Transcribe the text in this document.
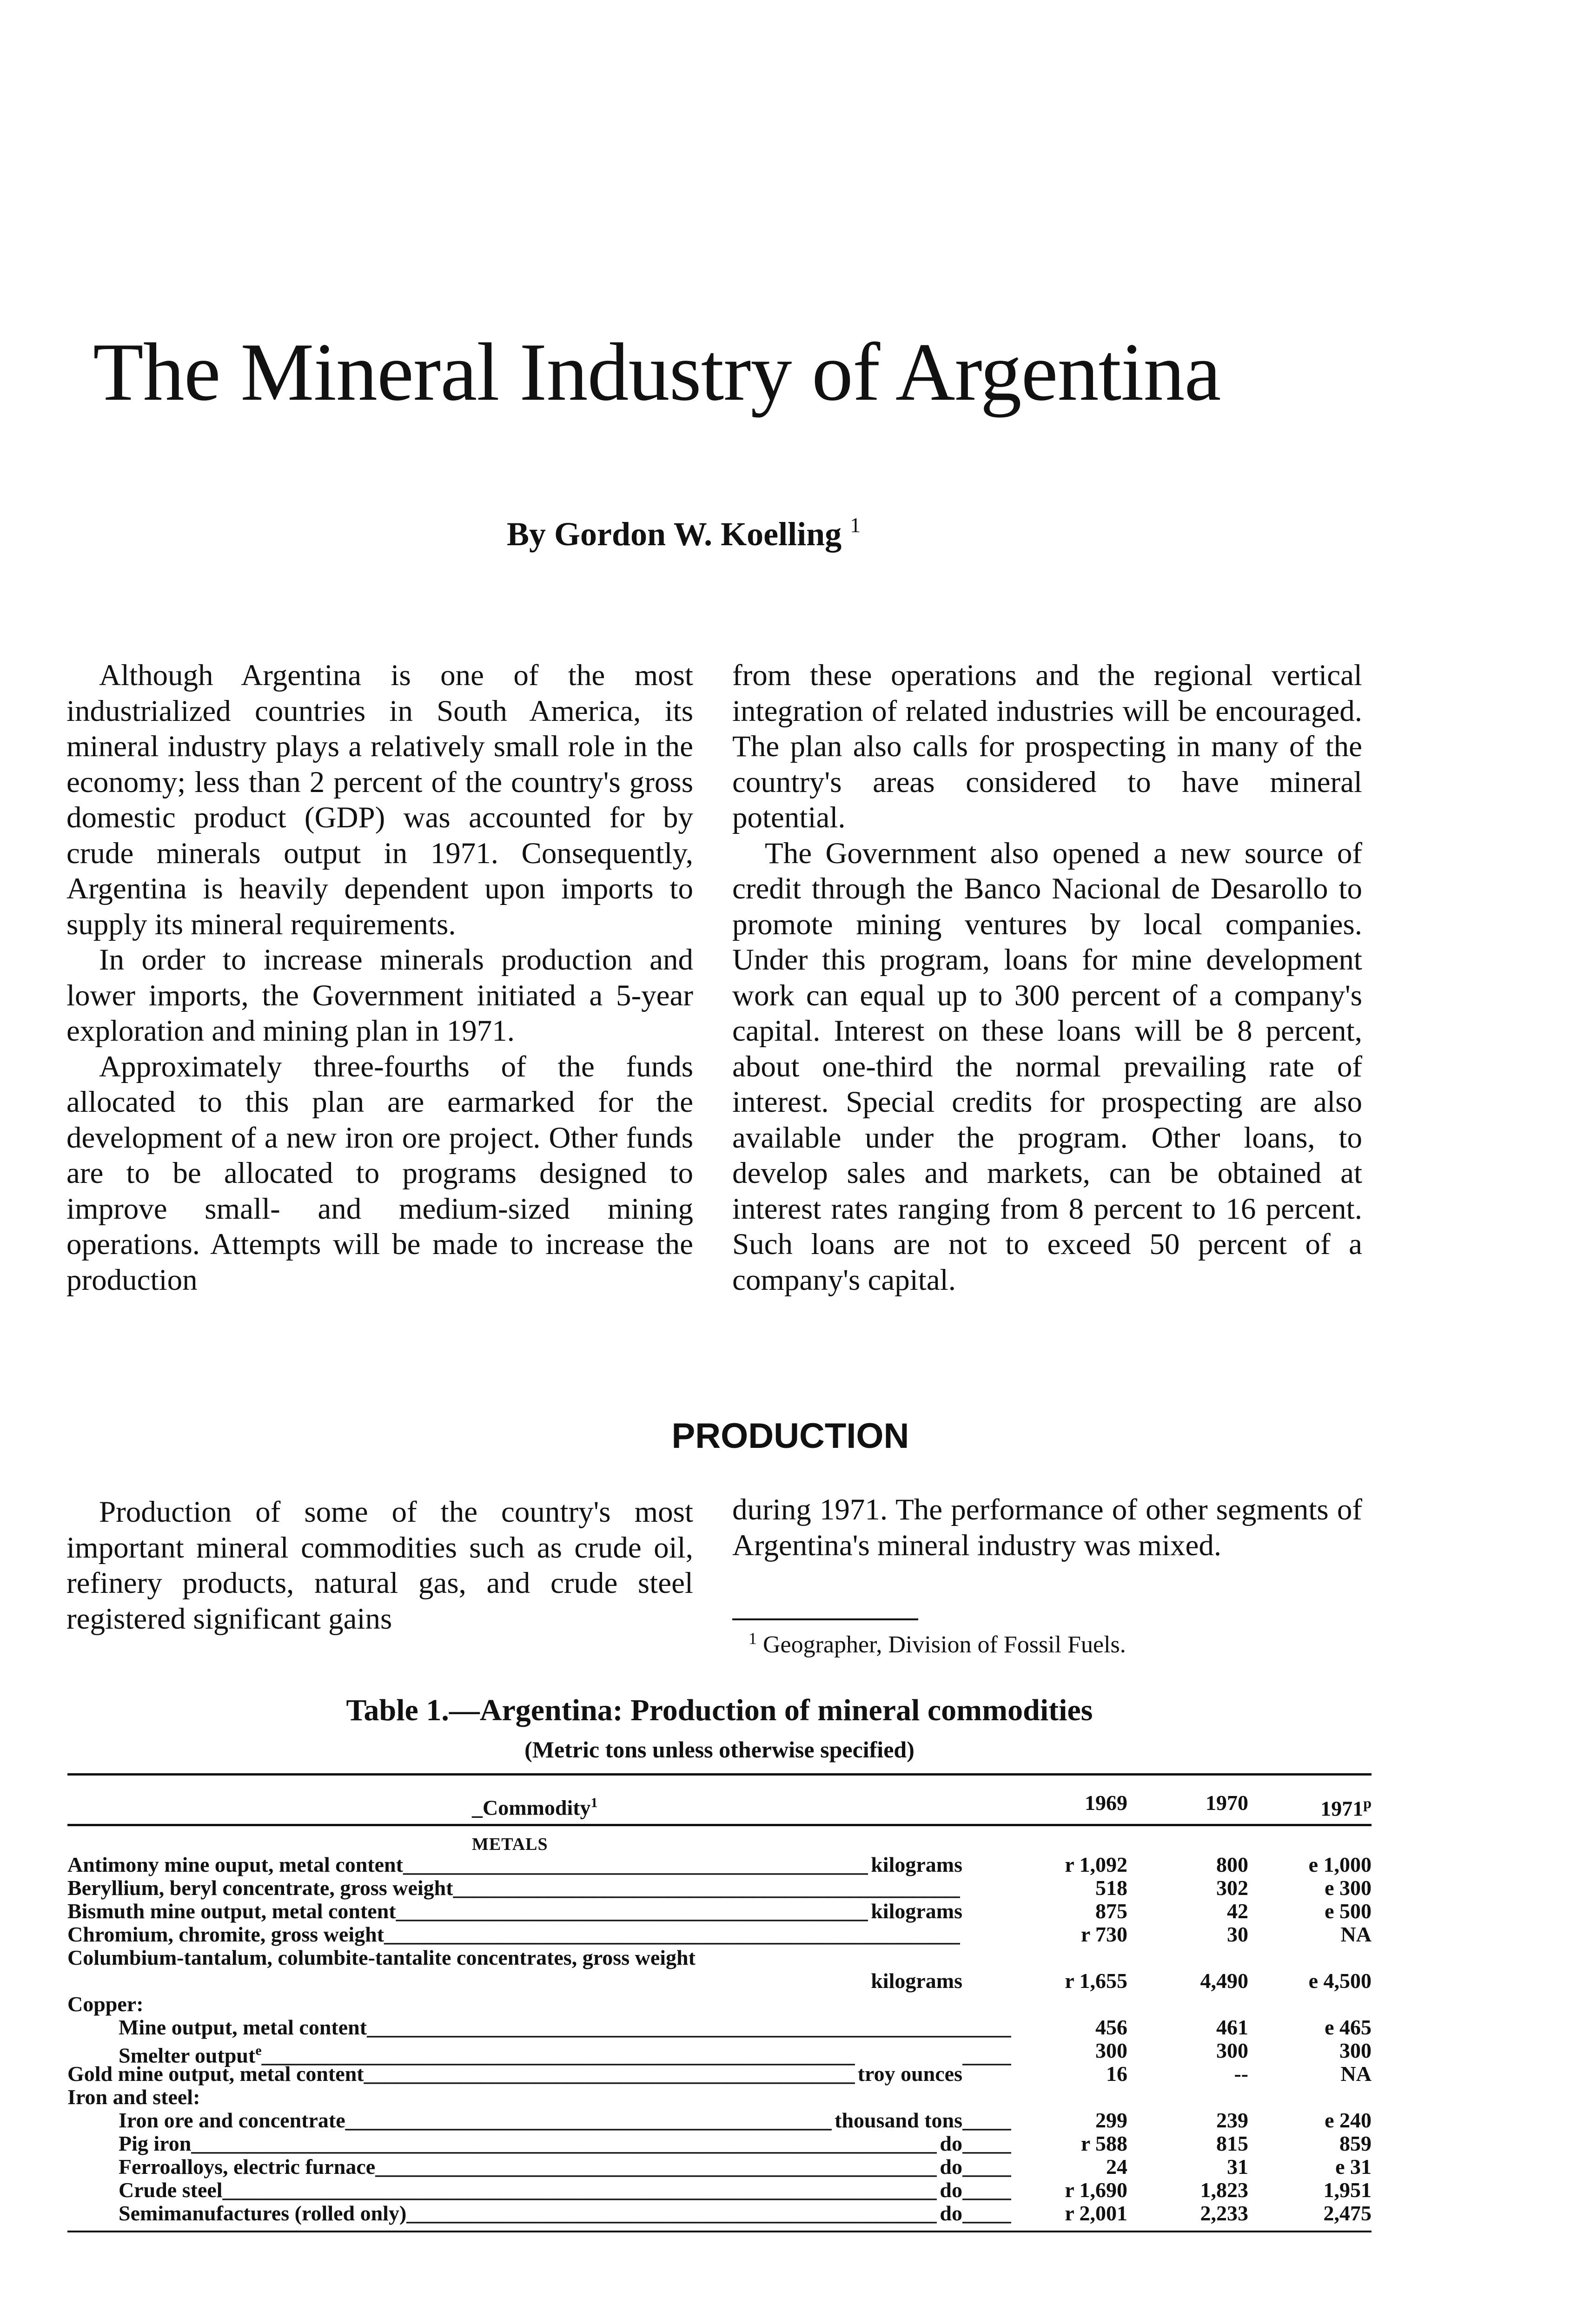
The Mineral Industry of Argentina
By Gordon W. Koelling $^1$

Although Argentina is one of the most industrialized countries in South America, its mineral industry plays a relatively small role in the economy; less than 2 percent of the country's gross domestic product (GDP) was accounted for by crude minerals output in 1971. Consequently, Argentina is heavily dependent upon imports to supply its mineral requirements.

In order to increase minerals production and lower imports, the Government initiated a 5-year exploration and mining plan in 1971.

Approximately three-fourths of the funds allocated to this plan are earmarked for the development of a new iron ore project. Other funds are to be allocated to programs designed to improve small- and medium-sized mining operations. Attempts will be made to increase the production

from these operations and the regional vertical integration of related industries will be encouraged. The plan also calls for prospecting in many of the country's areas considered to have mineral potential.

The Government also opened a new source of credit through the Banco Nacional de Desarollo to promote mining ventures by local companies. Under this program, loans for mine development work can equal up to 300 percent of a company's capital. Interest on these loans will be 8 percent, about one-third the normal prevailing rate of interest. Special credits for prospecting are also available under the program. Other loans, to develop sales and markets, can be obtained at interest rates ranging from 8 percent to 16 percent. Such loans are not to exceed 50 percent of a company's capital.

PRODUCTION

Production of some of the country's most important mineral commodities such as crude oil, refinery products, natural gas, and crude steel registered significant gains

during 1971. The performance of other segments of Argentina's mineral industry was mixed.

$^1$ Geographer, Division of Fossil Fuels.
Table 1.—Argentina: Production of mineral commodities
(Metric tons unless otherwise specified)
_Commodity$^1$	1969	1970	1971$^p$
METALS
Antimony mine ouput, metal content _____	kilograms	r 1,092	800	e 1,000
Beryllium, beryl concentrate, gross weight _____	518	302	e 300
Bismuth mine output, metal content _____	kilograms	875	42	e 500
Chromium, chromite, gross weight _____	r 730	30	NA
Columbium-tantalum, columbite-tantalite concentrates, gross weight
kilograms	r 1,655	4,490	e 4,500
Copper:
Mine output, metal content _____	456	461	e 465
Smelter output$^e$ _____	300	300	300
Gold mine output, metal content _____	troy ounces	16	--	NA
Iron and steel:
Iron ore and concentrate _____	thousand tons	299	239	e 240
Pig iron _____	do	r 588	815	859
Ferroalloys, electric furnace _____	do	24	31	e 31
Crude steel _____	do	r 1,690	1,823	1,951
Semimanufactures (rolled only) _____	do	r 2,001	2,233	2,475
